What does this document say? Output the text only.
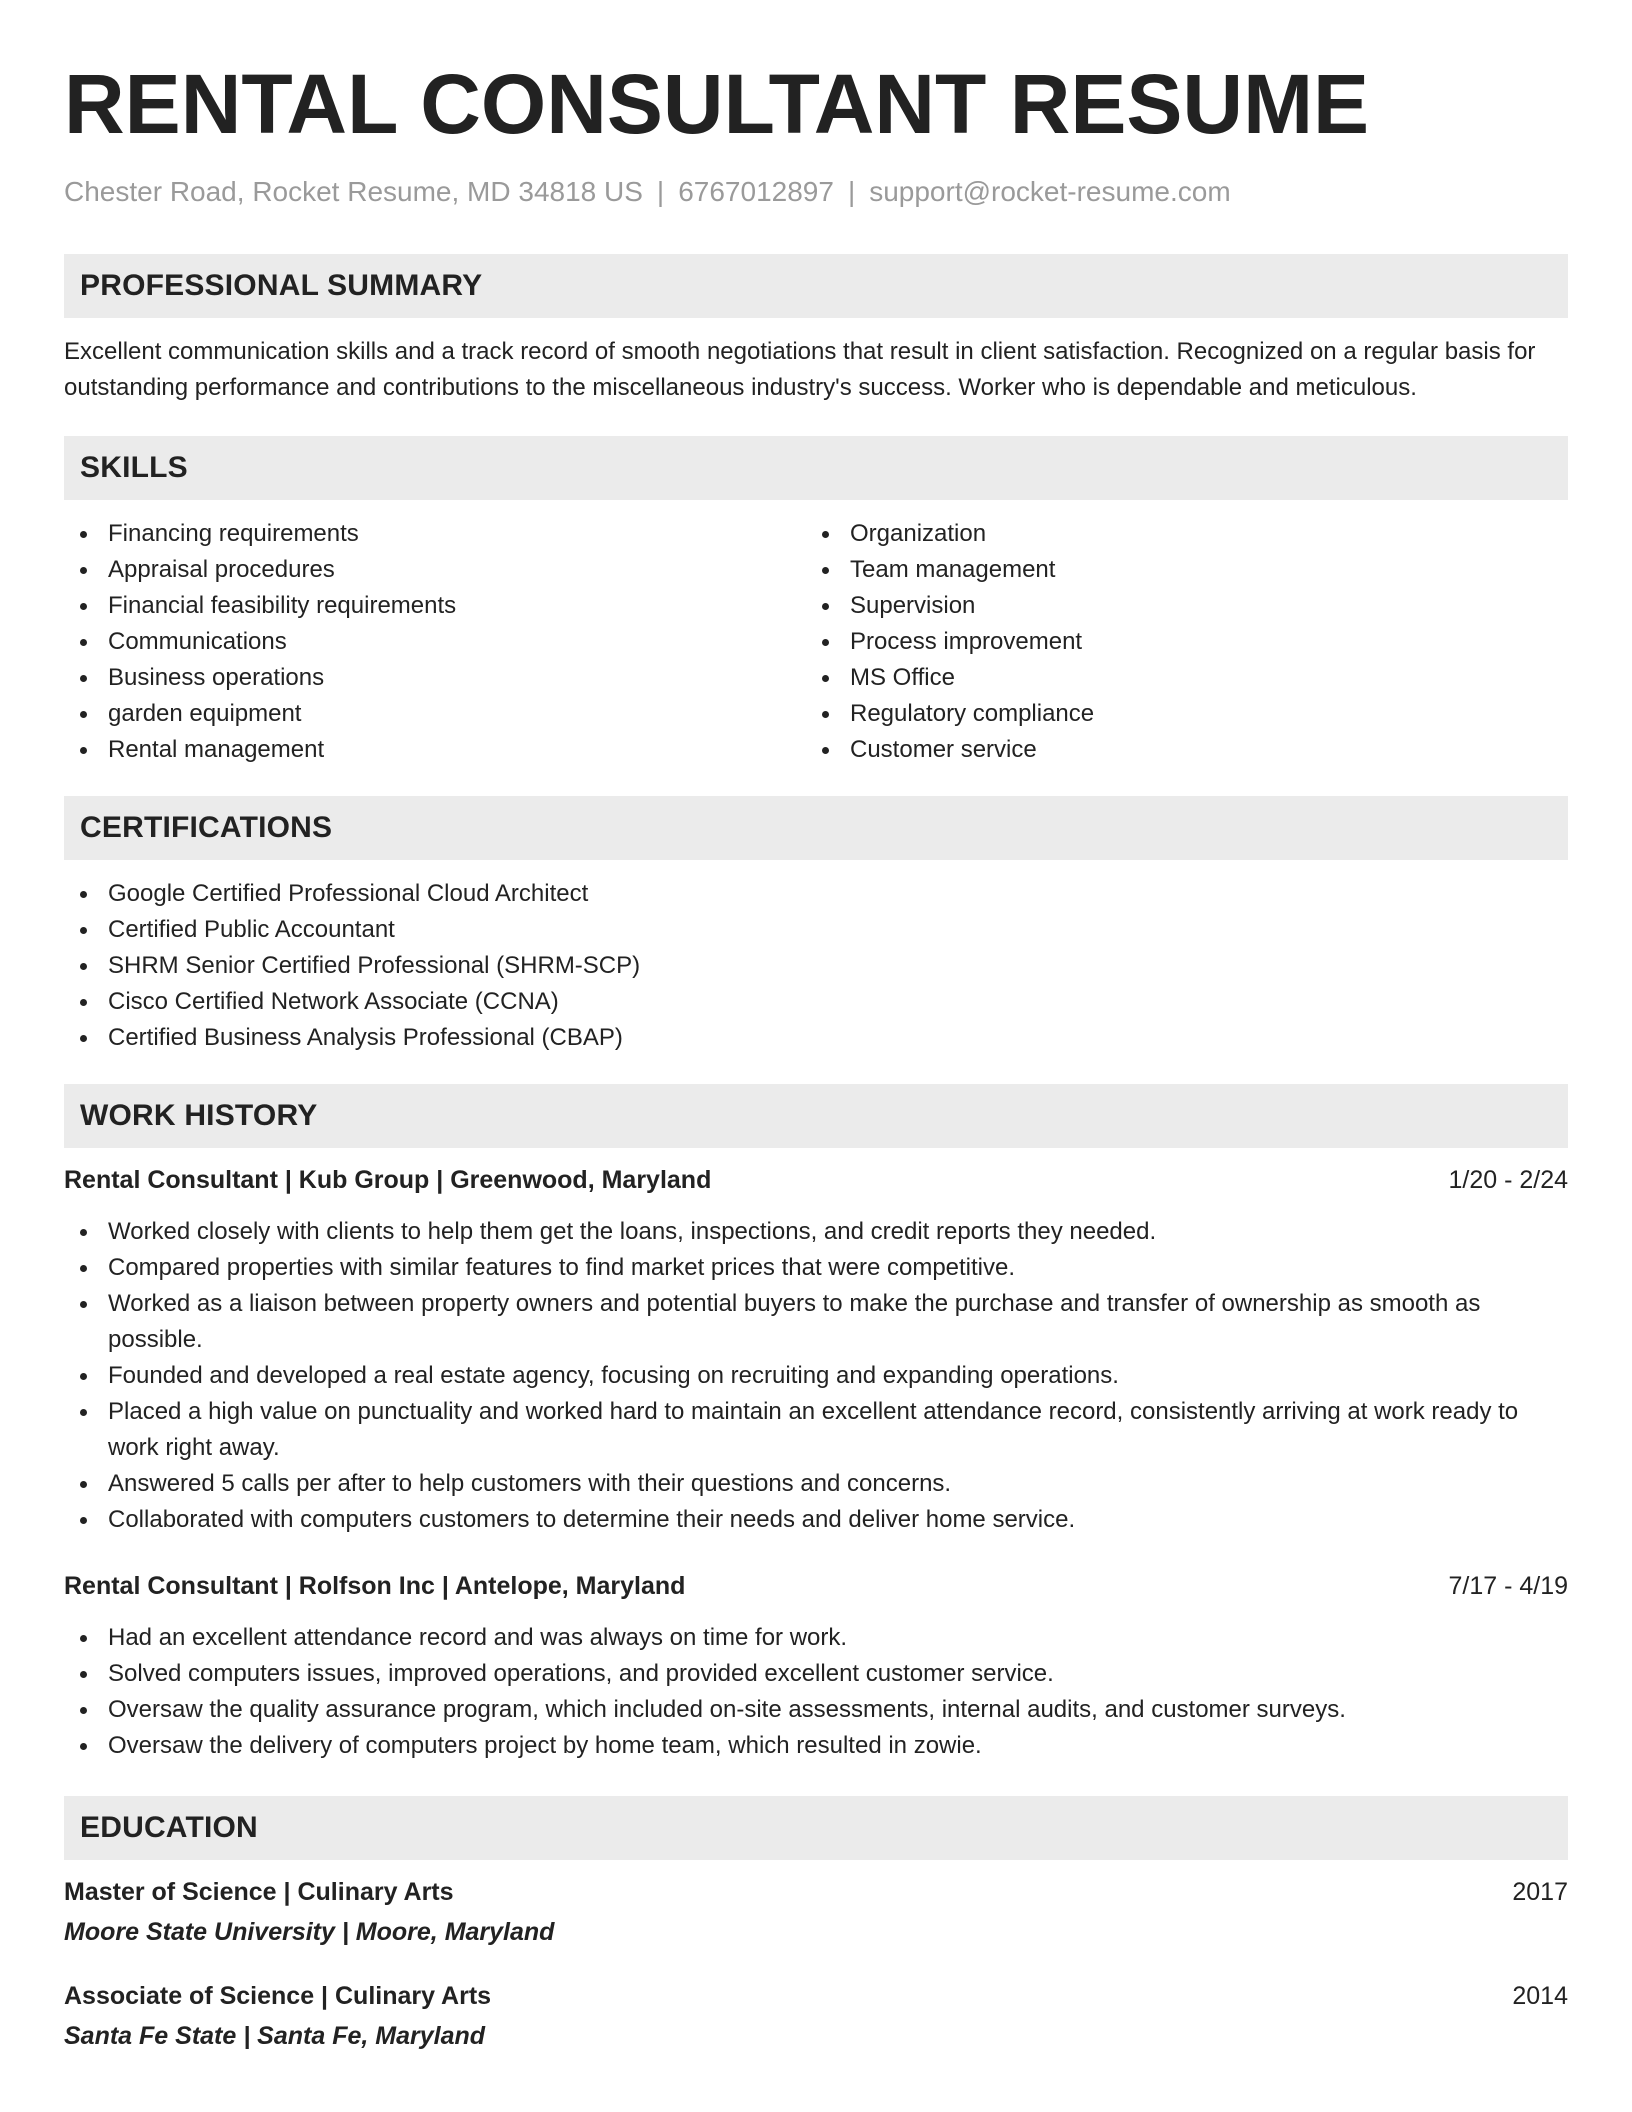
RENTAL CONSULTANT RESUME
Chester Road, Rocket Resume, MD 34818 US | 6767012897 | support@rocket-resume.com
PROFESSIONAL SUMMARY

Excellent communication skills and a track record of smooth negotiations that result in client satisfaction. Recognized on a regular basis for outstanding performance and contributions to the miscellaneous industry's success. Worker who is dependable and meticulous.

SKILLS
Financing requirements
Appraisal procedures
Financial feasibility requirements
Communications
Business operations
garden equipment
Rental management
Organization
Team management
Supervision
Process improvement
MS Office
Regulatory compliance
Customer service
CERTIFICATIONS
Google Certified Professional Cloud Architect
Certified Public Accountant
SHRM Senior Certified Professional (SHRM-SCP)
Cisco Certified Network Associate (CCNA)
Certified Business Analysis Professional (CBAP)
WORK HISTORY
Rental Consultant | Kub Group | Greenwood, Maryland	1/20 - 2/24
Worked closely with clients to help them get the loans, inspections, and credit reports they needed.
Compared properties with similar features to find market prices that were competitive.
Worked as a liaison between property owners and potential buyers to make the purchase and transfer of ownership as smooth as possible.
Founded and developed a real estate agency, focusing on recruiting and expanding operations.
Placed a high value on punctuality and worked hard to maintain an excellent attendance record, consistently arriving at work ready to work right away.
Answered 5 calls per after to help customers with their questions and concerns.
Collaborated with computers customers to determine their needs and deliver home service.
Rental Consultant | Rolfson Inc | Antelope, Maryland	7/17 - 4/19
Had an excellent attendance record and was always on time for work.
Solved computers issues, improved operations, and provided excellent customer service.
Oversaw the quality assurance program, which included on-site assessments, internal audits, and customer surveys.
Oversaw the delivery of computers project by home team, which resulted in zowie.
EDUCATION
Master of Science | Culinary Arts	2017
Moore State University | Moore, Maryland
Associate of Science | Culinary Arts	2014
Santa Fe State | Santa Fe, Maryland
